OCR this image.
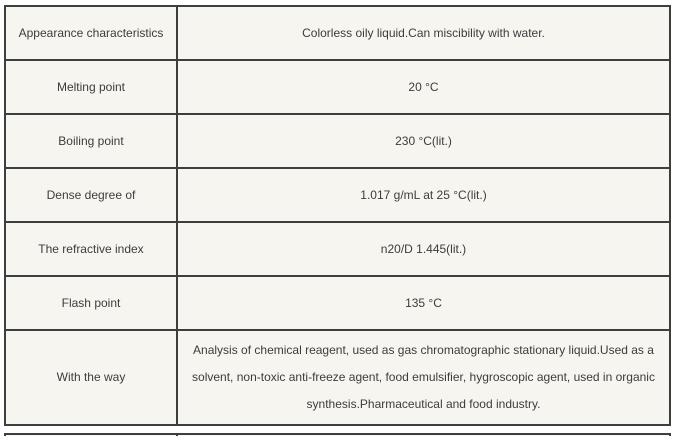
Appearance characteristics	Colorless oily liquid.Can miscibility with water.
Melting point	20 °C
Boiling point	230 °C(lit.)
Dense degree of	1.017 g/mL at 25 °C(lit.)
The refractive index	n20/D 1.445(lit.)
Flash point	135 °C
With the way	Analysis of chemical reagent, used as gas chromatographic stationary liquid.Used as a solvent, non-toxic anti-freeze agent, food emulsifier, hygroscopic agent, used in organic synthesis.Pharmaceutical and food industry.
